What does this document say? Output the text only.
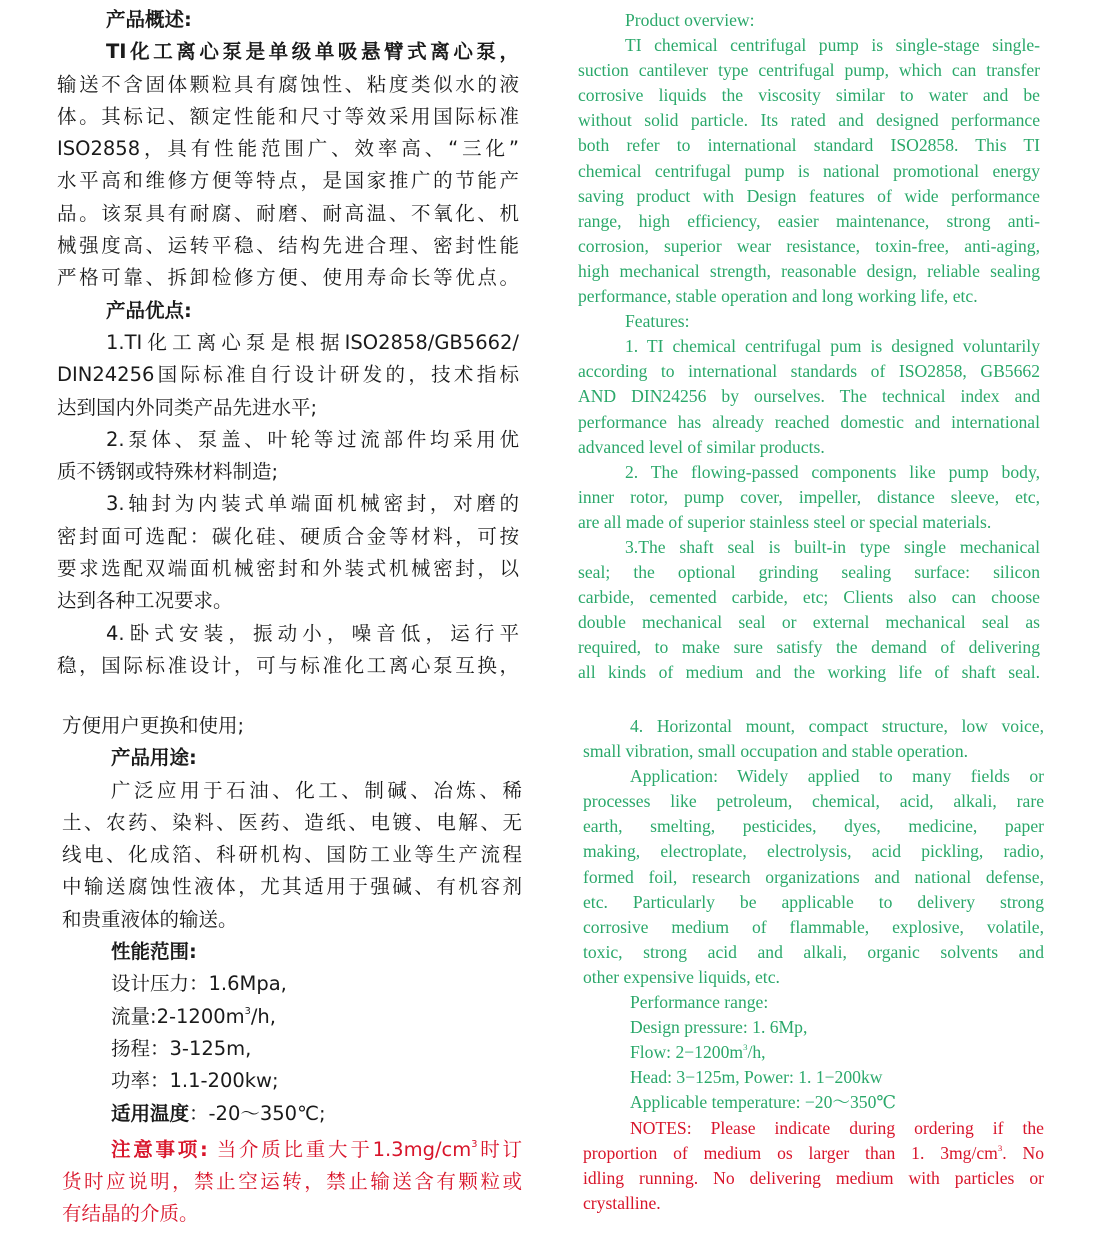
产品概述:
TI化工离心泵是单级单吸悬臂式离心泵，
输送不含固体颗粒具有腐蚀性、粘度类似水的液
体。其标记、额定性能和尺寸等效采用国际标准
ISO2858，具有性能范围广、效率高、“三化”
水平高和维修方便等特点，是国家推广的节能产
品。该泵具有耐腐、耐磨、耐高温、不氧化、机
械强度高、运转平稳、结构先进合理、密封性能
严格可靠、拆卸检修方便、使用寿命长等优点。
产品优点:
1.TI化工离心泵是根据ISO2858/GB5662/
DIN24256国际标准自行设计研发的，技术指标
达到国内外同类产品先进水平;
2.泵体、泵盖、叶轮等过流部件均采用优
质不锈钢或特殊材料制造;
3.轴封为内装式单端面机械密封，对磨的
密封面可选配：碳化硅、硬质合金等材料，可按
要求选配双端面机械密封和外装式机械密封，以
达到各种工况要求。
4.卧式安装，振动小，噪音低，运行平
稳，国际标准设计，可与标准化工离心泵互换，
方便用户更换和使用;
产品用途:
广泛应用于石油、化工、制碱、冶炼、稀
土、农药、染料、医药、造纸、电镀、电解、无
线电、化成箔、科研机构、国防工业等生产流程
中输送腐蚀性液体，尤其适用于强碱、有机容剂
和贵重液体的输送。
性能范围:
设计压力：1.6Mpa,
流量$:2-1200m^3/h$,
扬程：3-125m,
功率：1.1-200kw;
适用温度：-20～350℃;
注意事项: 当介质比重大于$1.3mg/cm^3$时订
货时应说明，禁止空运转，禁止输送含有颗粒或
有结晶的介质。
Product overview:
TI chemical centrifugal pump is single-stage single-
suction cantilever type centrifugal pump, which can transfer
corrosive liquids the viscosity similar to water and be
without solid particle. Its rated and designed performance
both refer to international standard ISO2858. This TI
chemical centrifugal pump is national promotional energy
saving product with Design features of wide performance
range, high efficiency, easier maintenance, strong anti-
corrosion, superior wear resistance, toxin-free, anti-aging,
high mechanical strength, reasonable design, reliable sealing
performance, stable operation and long working life, etc.
Features:
1. TI chemical centrifugal pum is designed voluntarily
according to international standards of ISO2858, GB5662
AND DIN24256 by ourselves. The technical index and
performance has already reached domestic and international
advanced level of similar products.
2. The flowing-passed components like pump body,
inner rotor, pump cover, impeller, distance sleeve, etc,
are all made of superior stainless steel or special materials.
3.The shaft seal is built-in type single mechanical
seal; the optional grinding sealing surface: silicon
carbide, cemented carbide, etc; Clients also can choose
double mechanical seal or external mechanical seal as
required, to make sure satisfy the demand of delivering
all kinds of medium and the working life of shaft seal.
4. Horizontal mount, compact structure, low voice,
small vibration, small occupation and stable operation.
Application: Widely applied to many fields or
processes like petroleum, chemical, acid, alkali, rare
earth, smelting, pesticides, dyes, medicine, paper
making, electroplate, electrolysis, acid pickling, radio,
formed foil, research organizations and national defense,
etc. Particularly be applicable to delivery strong
corrosive medium of flammable, explosive, volatile,
toxic, strong acid and alkali, organic solvents and
other expensive liquids, etc.
Performance range:
Design pressure: 1. 6Mp,
Flow: $2-1200m^3/h$,
Head: 3−125m, Power: 1. 1−200kw
Applicable temperature: −20～350℃
NOTES: Please indicate during ordering if the
proportion of medium os larger than 1. $3mg/cm^3$. No
idling running. No delivering medium with particles or
crystalline.
